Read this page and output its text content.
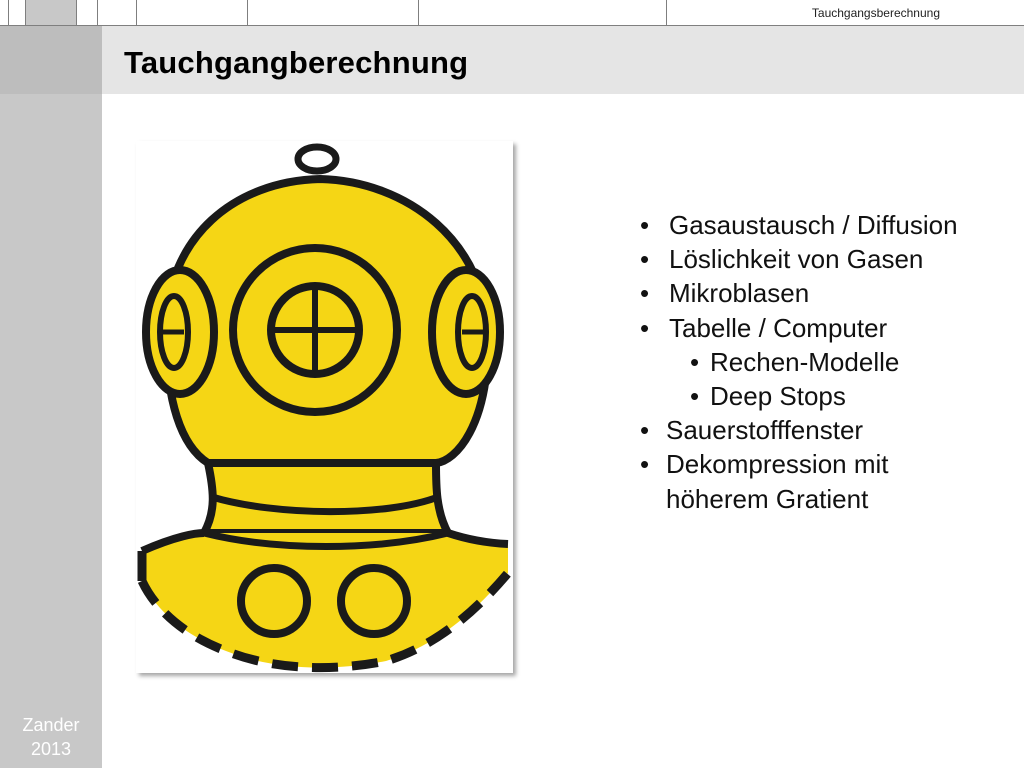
Tauchgangsberechnung
Tauchgangberechnung
Zander
2013
• Gasaustausch / Diffusion
• Löslichkeit von Gasen
• Mikroblasen
• Tabelle / Computer
• Rechen-Modelle
• Deep Stops
• Sauerstofffenster
• Dekompression mit
höherem Gratient
